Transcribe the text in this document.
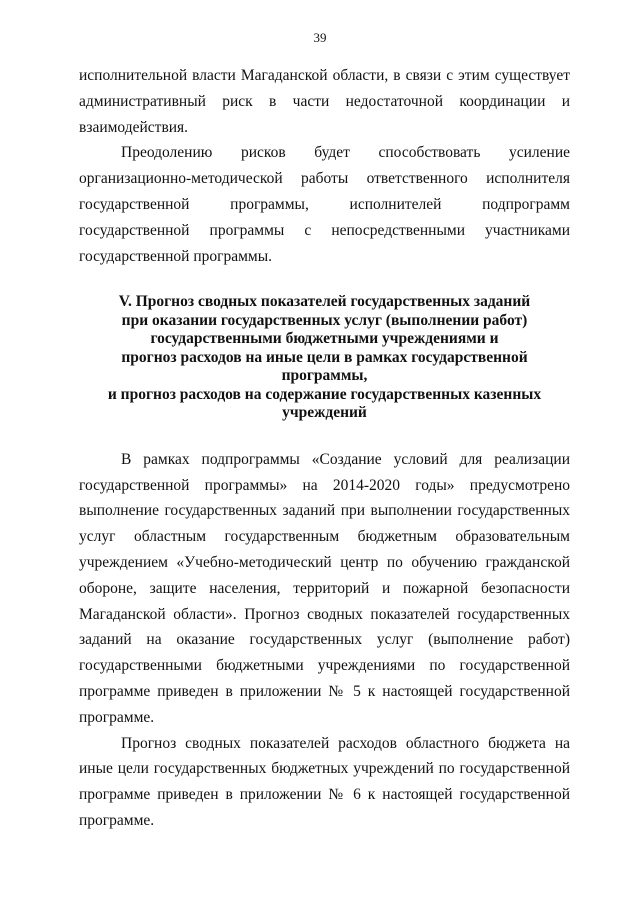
39

исполнительной власти Магаданской области, в связи с этим существует административный риск в части недостаточной координации и взаимодействия.

Преодолению рисков будет способствовать усиление организационно-методической работы ответственного исполнителя государственной программы, исполнителей подпрограмм государственной программы с непосредственными участниками государственной программы.

V. Прогноз сводных показателей государственных заданий
при оказании государственных услуг (выполнении работ)
государственными бюджетными учреждениями и
прогноз расходов на иные цели в рамках государственной программы,
и прогноз расходов на содержание государственных казенных
учреждений

В рамках подпрограммы «Создание условий для реализации государственной программы» на 2014-2020 годы» предусмотрено выполнение государственных заданий при выполнении государственных услуг областным государственным бюджетным образовательным учреждением «Учебно-методический центр по обучению гражданской обороне, защите населения, территорий и пожарной безопасности Магаданской области». Прогноз сводных показателей государственных заданий на оказание государственных услуг (выполнение работ) государственными бюджетными учреждениями по государственной программе приведен в приложении № 5 к настоящей государственной программе.

Прогноз сводных показателей расходов областного бюджета на иные цели государственных бюджетных учреждений по государственной программе приведен в приложении № 6 к настоящей государственной программе.
